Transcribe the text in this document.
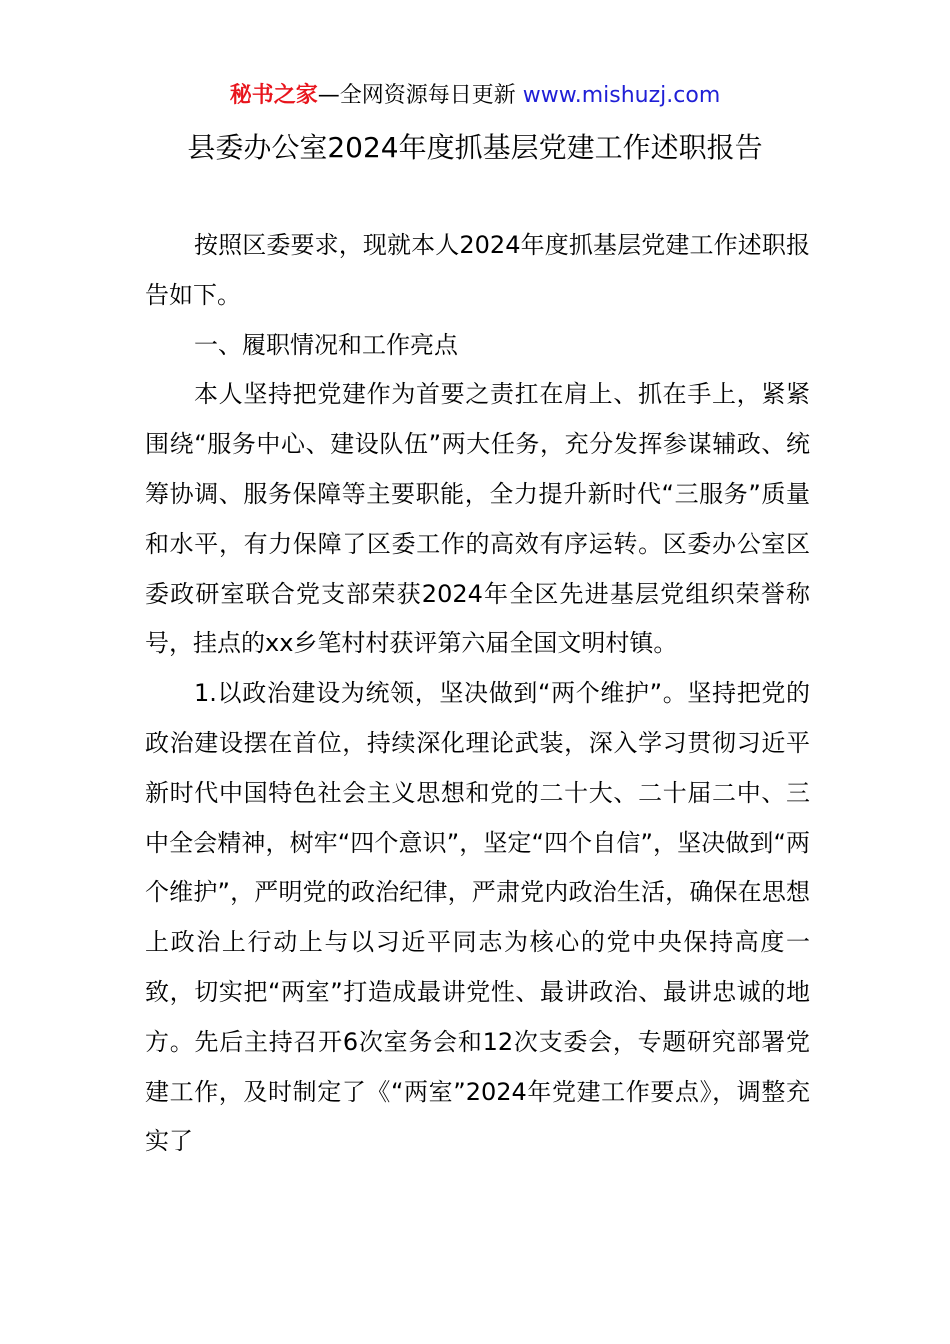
秘书之家—全网资源每日更新 www.mishuzj.com
县委办公室2024年度抓基层党建工作述职报告

按照区委要求，现就本人2024年度抓基层党建工作述职报告如下。

一、履职情况和工作亮点

本人坚持把党建作为首要之责扛在肩上、抓在手上，紧紧围绕“服务中心、建设队伍”两大任务，充分发挥参谋辅政、统筹协调、服务保障等主要职能，全力提升新时代“三服务”质量和水平，有力保障了区委工作的高效有序运转。区委办公室区委政研室联合党支部荣获2024年全区先进基层党组织荣誉称号，挂点的xx乡笔村村获评第六届全国文明村镇。

1.以政治建设为统领，坚决做到“两个维护”。坚持把党的政治建设摆在首位，持续深化理论武装，深入学习贯彻习近平新时代中国特色社会主义思想和党的二十大、二十届二中、三中全会精神，树牢“四个意识”，坚定“四个自信”，坚决做到“两个维护”，严明党的政治纪律，严肃党内政治生活，确保在思想上政治上行动上与以习近平同志为核心的党中央保持高度一致，切实把“两室”打造成最讲党性、最讲政治、最讲忠诚的地方。先后主持召开6次室务会和12次支委会，专题研究部署党建工作，及时制定了《“两室”2024年党建工作要点》，调整充实了
